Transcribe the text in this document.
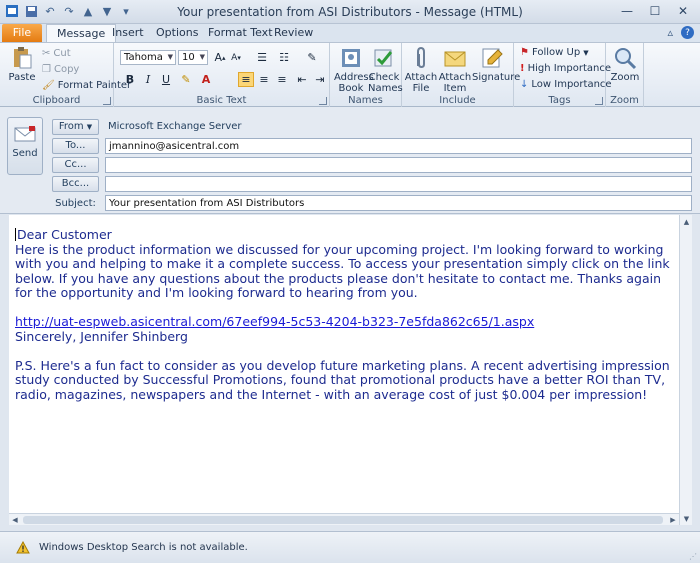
↶ ↷ ▲ ▼	▾	Your presentation from ASI Distributors - Message (HTML)	—	☐	✕
File	Message Insert	Options Format Text Review	▵	?
Paste
✂ Cut
❐ Copy
🖌 Format Painter
Clipboard
Tahoma ▼ 10 ▼ A ▴ A ▾ ☰ ☷	✎
B	I	U	✎	A	≡ ≡ ≡ ⇤ ⇥
Basic Text
Address
Book
Check
Names
Names
Attach
File
Attach
Item
Signature
Include
⚑ Follow Up ▼
! High Importance
↓ Low Importance
Tags
Zoom
Zoom
Send
From ▼	Microsoft Exchange Server
To...	jmannino@asicentral.com
Cc...
Bcc...
Subject:	Your presentation from ASI Distributors

Dear Customer

Here is the product information we discussed for your upcoming project. I'm looking forward to working with you and helping to make it a complete success. To access your presentation simply click on the link below. If you have any questions about the products please don't hesitate to contact me. Thanks again for the opportunity and I'm looking forward to hearing from you.

http://uat-espweb.asicentral.com/67eef994-5c53-4204-b323-7e5fda862c65/1.aspx

Sincerely, Jennifer Shinberg

P.S. Here's a fun fact to consider as you develop future marketing plans. A recent advertising impression study conducted by Successful Promotions, found that promotional products have a better ROI than TV, radio, magazines, newspapers and the Internet - with an average cost of just $0.004 per impression!

▲
▼
◀	▶
Windows Desktop Search is not available.
⋰
